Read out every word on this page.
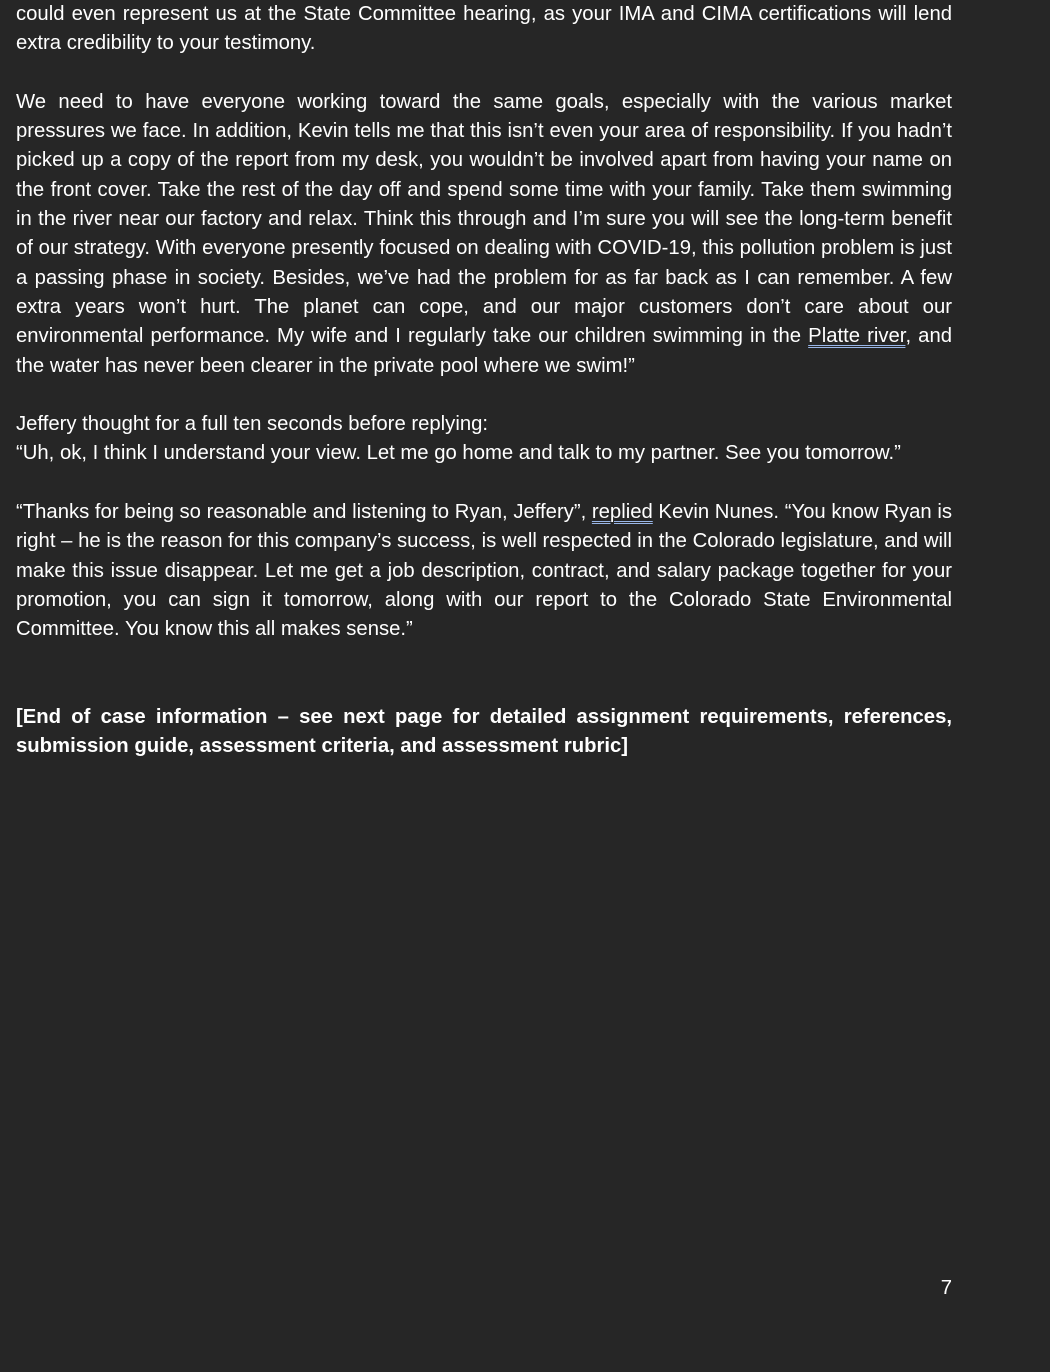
could even represent us at the State Committee hearing, as your IMA and CIMA certifications will lend extra credibility to your testimony.

We need to have everyone working toward the same goals, especially with the various market pressures we face. In addition, Kevin tells me that this isn’t even your area of responsibility. If you hadn’t picked up a copy of the report from my desk, you wouldn’t be involved apart from having your name on the front cover. Take the rest of the day off and spend some time with your family. Take them swimming in the river near our factory and relax. Think this through and I’m sure you will see the long-term benefit of our strategy. With everyone presently focused on dealing with COVID-19, this pollution problem is just a passing phase in society. Besides, we’ve had the problem for as far back as I can remember. A few extra years won’t hurt. The planet can cope, and our major customers don’t care about our environmental performance. My wife and I regularly take our children swimming in the Platte river, and the water has never been clearer in the private pool where we swim!”

Jeffery thought for a full ten seconds before replying:

“Uh, ok, I think I understand your view. Let me go home and talk to my partner. See you tomorrow.”

“Thanks for being so reasonable and listening to Ryan, Jeffery”, replied Kevin Nunes. “You know Ryan is right – he is the reason for this company’s success, is well respected in the Colorado legislature, and will make this issue disappear. Let me get a job description, contract, and salary package together for your promotion, you can sign it tomorrow, along with our report to the Colorado State Environmental Committee. You know this all makes sense.”

[End of case information – see next page for detailed assignment requirements, references, submission guide, assessment criteria, and assessment rubric]

7
